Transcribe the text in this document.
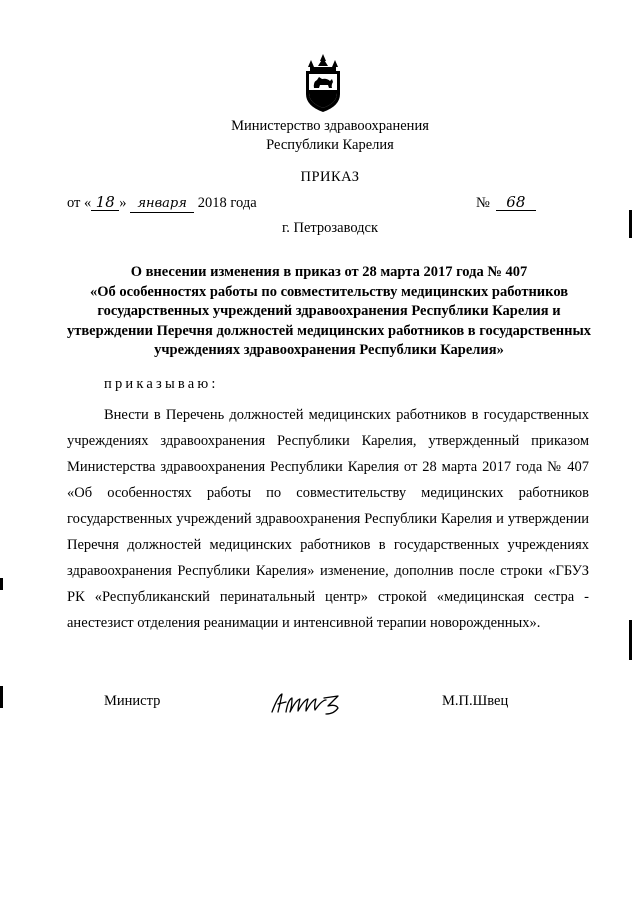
Министерство здравоохранения
Республики Карелия
ПРИКАЗ
от « 18 » января 2018 года	№ 68
г. Петрозаводск
О внесении изменения в приказ от 28 марта 2017 года № 407
«Об особенностях работы по совместительству медицинских работников государственных учреждений здравоохранения Республики Карелия и утверждении Перечня должностей медицинских работников в государственных учреждениях здравоохранения Республики Карелия»
приказываю:

Внести в Перечень должностей медицинских работников в государственных учреждениях здравоохранения Республики Карелия, утвержденный приказом Министерства здравоохранения Республики Карелия от 28 марта 2017 года № 407 «Об особенностях работы по совместительству медицинских работников государственных учреждений здравоохранения Республики Карелия и утверждении Перечня должностей медицинских работников в государственных учреждениях здравоохранения Республики Карелия» изменение, дополнив после строки «ГБУЗ РК «Республиканский перинатальный центр» строкой «медицинская сестра - анестезист отделения реанимации и интенсивной терапии новорожденных».

Министр	М.П.Швец
